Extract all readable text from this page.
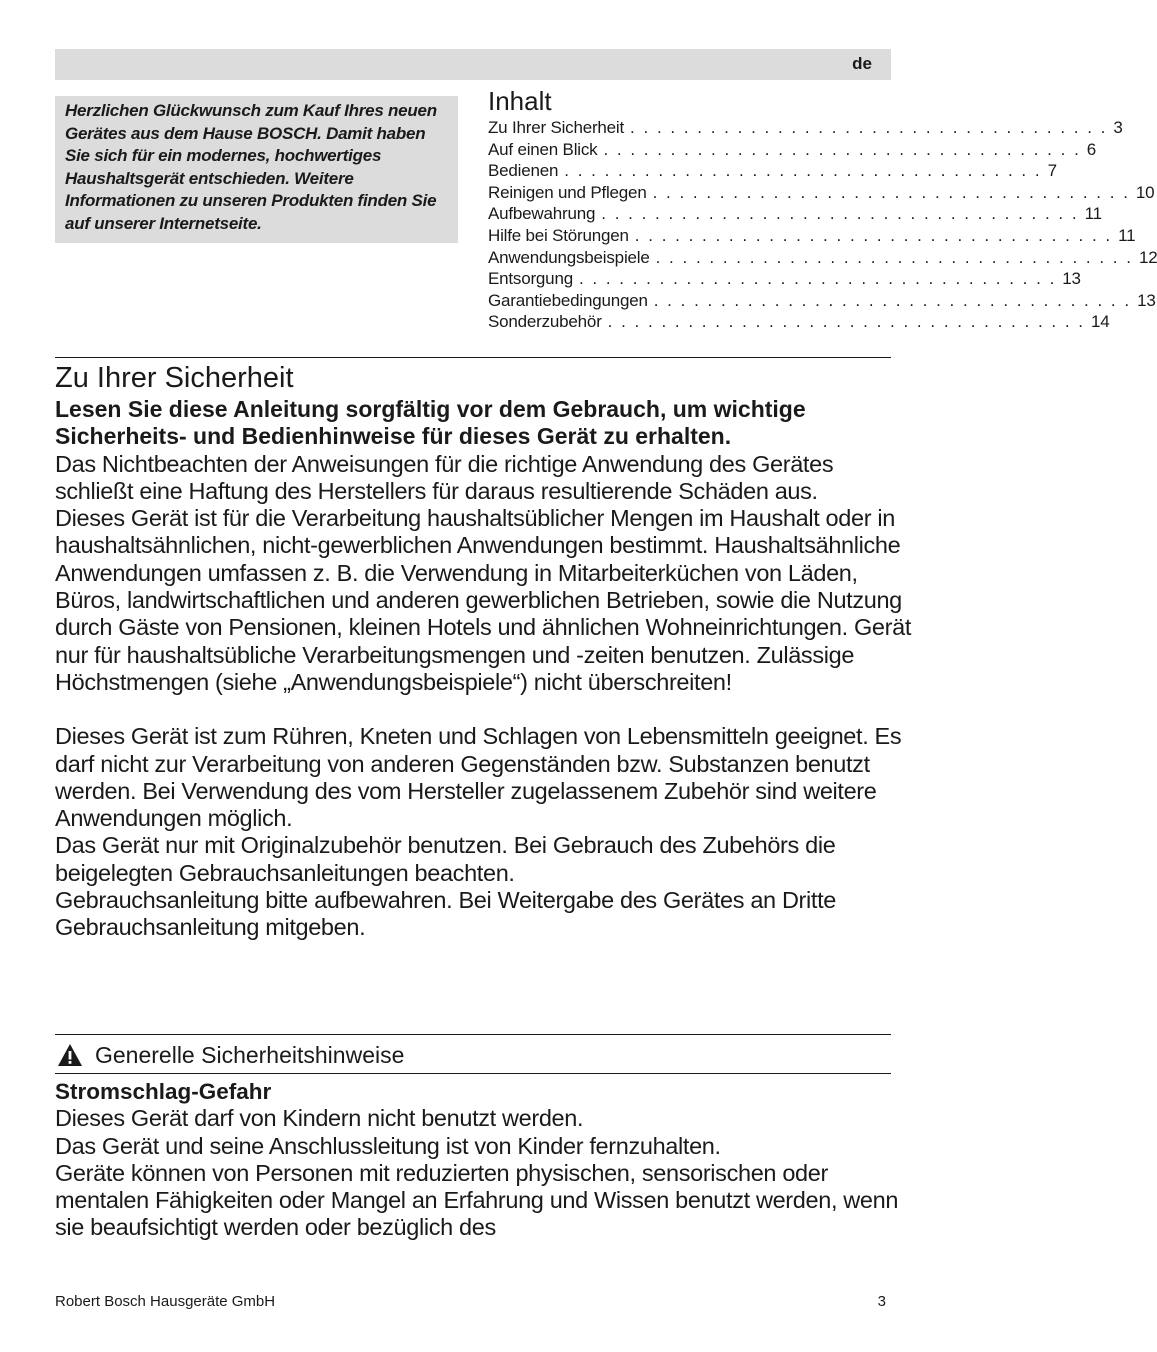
de
Herzlichen Glückwunsch zum Kauf Ihres neuen Gerätes aus dem Hause BOSCH. Damit haben Sie sich für ein modernes, hochwertiges Haushaltsgerät entschieden. Weitere Informationen zu unseren Produkten finden Sie auf unserer Internetseite.
Inhalt
Zu Ihrer Sicherheit . . . . . . . . . . . . . . . . . . . . . . . . . . . . . . . . . . . . 3
Auf einen Blick . . . . . . . . . . . . . . . . . . . . . . . . . . . . . . . . . . . . 6
Bedienen . . . . . . . . . . . . . . . . . . . . . . . . . . . . . . . . . . . . 7
Reinigen und Pflegen . . . . . . . . . . . . . . . . . . . . . . . . . . . . . . . . . . . . 10
Aufbewahrung . . . . . . . . . . . . . . . . . . . . . . . . . . . . . . . . . . . . 11
Hilfe bei Störungen . . . . . . . . . . . . . . . . . . . . . . . . . . . . . . . . . . . . 11
Anwendungsbeispiele . . . . . . . . . . . . . . . . . . . . . . . . . . . . . . . . . . . . 12
Entsorgung . . . . . . . . . . . . . . . . . . . . . . . . . . . . . . . . . . . . 13
Garantiebedingungen . . . . . . . . . . . . . . . . . . . . . . . . . . . . . . . . . . . . 13
Sonderzubehör . . . . . . . . . . . . . . . . . . . . . . . . . . . . . . . . . . . . 14
Zu Ihrer Sicherheit
Lesen Sie diese Anleitung sorgfältig vor dem Gebrauch, um wichtige Sicherheits- und Bedienhinweise für dieses Gerät zu erhalten.
Das Nichtbeachten der Anweisungen für die richtige Anwendung des Gerätes schließt eine Haftung des Herstellers für daraus resultierende Schäden aus.
Dieses Gerät ist für die Verarbeitung haushaltsüblicher Mengen im Haushalt oder in haushaltsähnlichen, nicht-gewerblichen Anwendungen bestimmt. Haushaltsähnliche Anwendungen umfassen z. B. die Verwendung in Mitarbeiterküchen von Läden, Büros, landwirtschaftlichen und anderen gewerblichen Betrieben, sowie die Nutzung durch Gäste von Pensionen, kleinen Hotels und ähnlichen Wohneinrichtungen. Gerät nur für haushaltsübliche Verarbeitungsmengen und -zeiten benutzen. Zulässige Höchstmengen (siehe „Anwendungsbeispiele“) nicht überschreiten!
Dieses Gerät ist zum Rühren, Kneten und Schlagen von Lebensmitteln geeignet. Es darf nicht zur Verarbeitung von anderen Gegenständen bzw. Substanzen benutzt werden. Bei Verwendung des vom Hersteller zugelassenem Zubehör sind weitere Anwendungen möglich.
Das Gerät nur mit Originalzubehör benutzen. Bei Gebrauch des Zubehörs die beigelegten Gebrauchsanleitungen beachten.
Gebrauchsanleitung bitte aufbewahren. Bei Weitergabe des Gerätes an Dritte Gebrauchsanleitung mitgeben.
Generelle Sicherheitshinweise
Stromschlag-Gefahr
Dieses Gerät darf von Kindern nicht benutzt werden.
Das Gerät und seine Anschlussleitung ist von Kinder fernzuhalten.
Geräte können von Personen mit reduzierten physischen, sensorischen oder mentalen Fähigkeiten oder Mangel an Erfahrung und Wissen benutzt werden, wenn sie beaufsichtigt werden oder bezüglich des
Robert Bosch Hausgeräte GmbH	3
